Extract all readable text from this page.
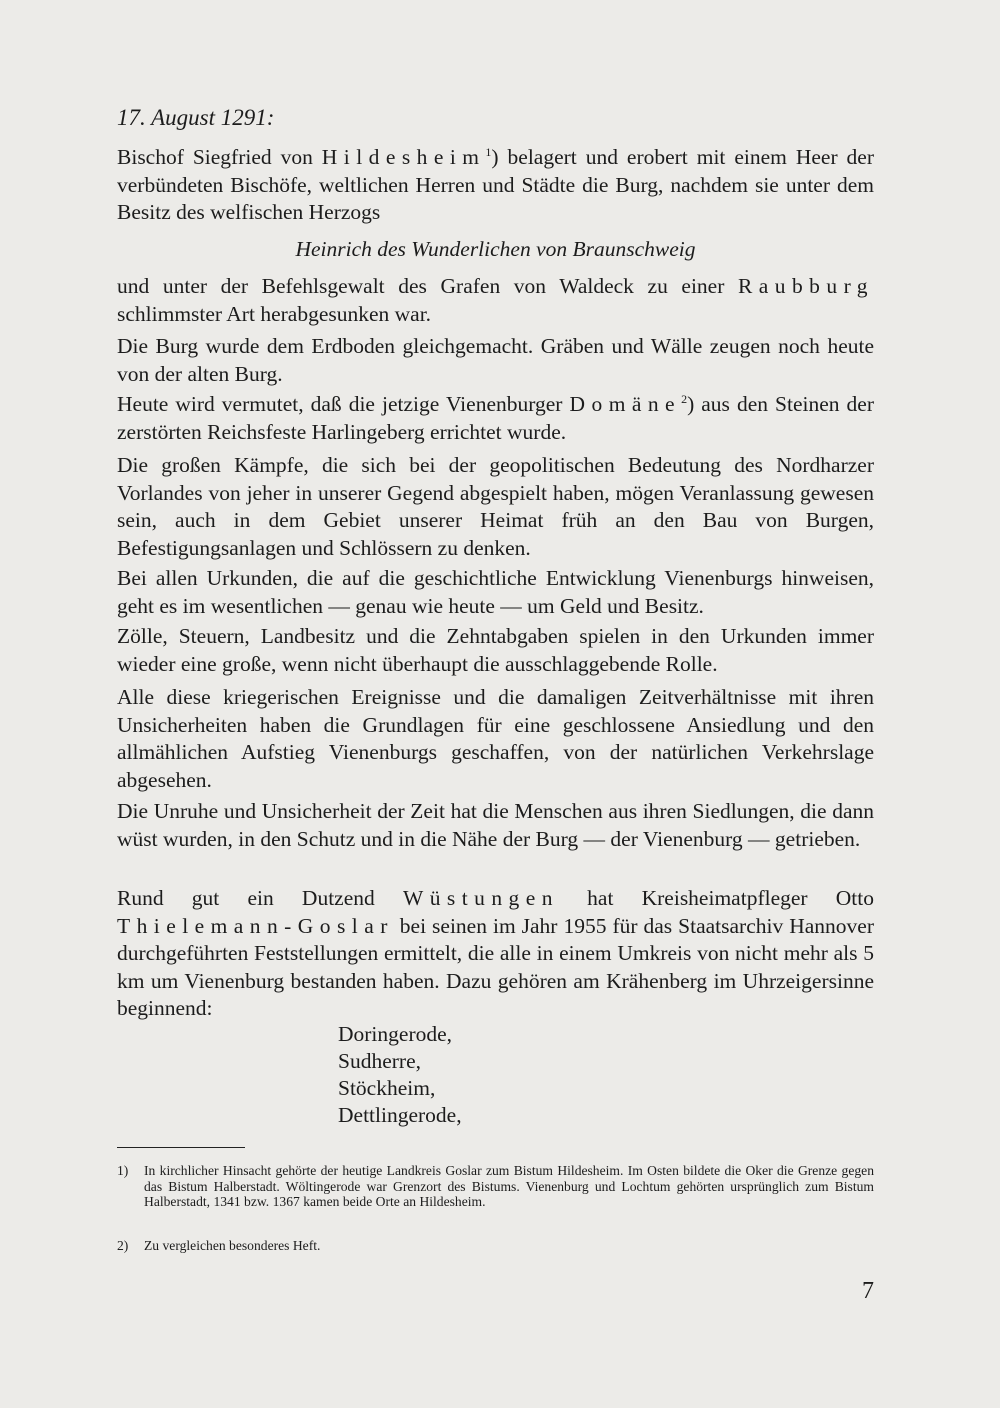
17. August 1291:

Bischof Siegfried von Hildesheim$^1$) belagert und erobert mit einem Heer der verbündeten Bischöfe, weltlichen Herren und Städte die Burg, nachdem sie unter dem Besitz des welfischen Herzogs

Heinrich des Wunderlichen von Braunschweig

und unter der Befehlsgewalt des Grafen von Waldeck zu einer Raubburg schlimmster Art herabgesunken war.

Die Burg wurde dem Erdboden gleichgemacht. Gräben und Wälle zeugen noch heute von der alten Burg.

Heute wird vermutet, daß die jetzige Vienenburger Domäne$^2$) aus den Steinen der zerstörten Reichsfeste Harlingeberg errichtet wurde.

Die großen Kämpfe, die sich bei der geopolitischen Bedeutung des Nordharzer Vorlandes von jeher in unserer Gegend abgespielt haben, mögen Veranlassung gewesen sein, auch in dem Gebiet unserer Heimat früh an den Bau von Burgen, Befestigungsanlagen und Schlössern zu denken.

Bei allen Urkunden, die auf die geschichtliche Entwicklung Vienenburgs hinweisen, geht es im wesentlichen — genau wie heute — um Geld und Besitz.

Zölle, Steuern, Landbesitz und die Zehntabgaben spielen in den Urkunden immer wieder eine große, wenn nicht überhaupt die ausschlaggebende Rolle.

Alle diese kriegerischen Ereignisse und die damaligen Zeitverhältnisse mit ihren Unsicherheiten haben die Grundlagen für eine geschlossene Ansiedlung und den allmählichen Aufstieg Vienenburgs geschaffen, von der natürlichen Verkehrslage abgesehen.

Die Unruhe und Unsicherheit der Zeit hat die Menschen aus ihren Siedlungen, die dann wüst wurden, in den Schutz und in die Nähe der Burg — der Vienenburg — getrieben.

Rund gut ein Dutzend Wüstungen hat Kreisheimatpfleger Otto Thielemann-Goslar bei seinen im Jahr 1955 für das Staatsarchiv Hannover durchgeführten Feststellungen ermittelt, die alle in einem Umkreis von nicht mehr als 5 km um Vienenburg bestanden haben. Dazu gehören am Krähenberg im Uhrzeigersinne beginnend:

Doringerode,
Sudherre,
Stöckheim,
Dettlingerode,
1)	In kirchlicher Hinsacht gehörte der heutige Landkreis Goslar zum Bistum Hildesheim. Im Osten bildete die Oker die Grenze gegen das Bistum Halberstadt. Wöltingerode war Grenzort des Bistums. Vienenburg und Lochtum gehörten ursprünglich zum Bistum Halberstadt, 1341 bzw. 1367 kamen beide Orte an Hildesheim.
2)	Zu vergleichen besonderes Heft.
7
